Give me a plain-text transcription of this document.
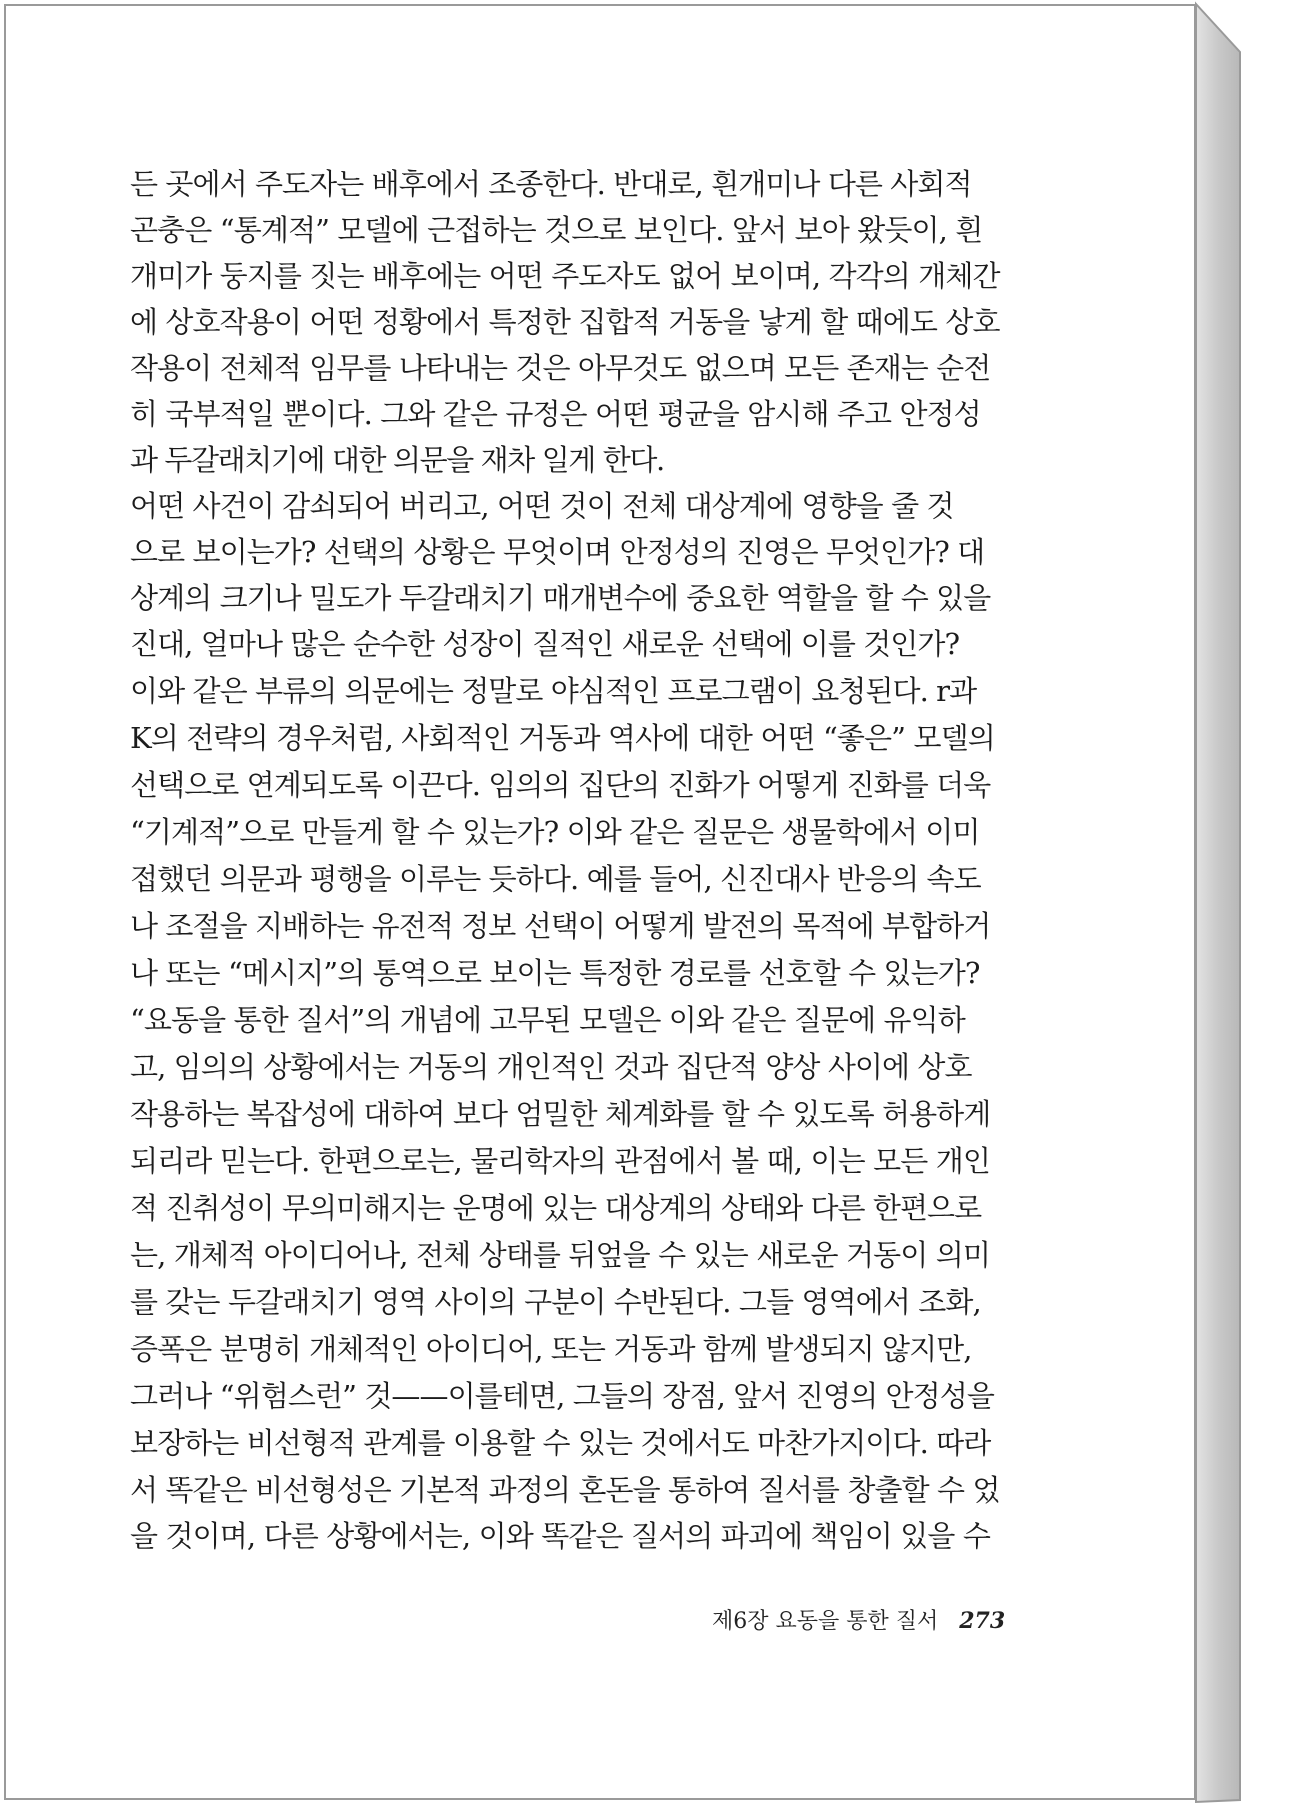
든 곳에서 주도자는 배후에서 조종한다. 반대로, 흰개미나 다른 사회적
곤충은 “통계적” 모델에 근접하는 것으로 보인다. 앞서 보아 왔듯이, 흰
개미가 둥지를 짓는 배후에는 어떤 주도자도 없어 보이며, 각각의 개체간
에 상호작용이 어떤 정황에서 특정한 집합적 거동을 낳게 할 때에도 상호
작용이 전체적 임무를 나타내는 것은 아무것도 없으며 모든 존재는 순전
히 국부적일 뿐이다. 그와 같은 규정은 어떤 평균을 암시해 주고 안정성
과 두갈래치기에 대한 의문을 재차 일게 한다.
어떤 사건이 감쇠되어 버리고, 어떤 것이 전체 대상계에 영향을 줄 것
으로 보이는가? 선택의 상황은 무엇이며 안정성의 진영은 무엇인가? 대
상계의 크기나 밀도가 두갈래치기 매개변수에 중요한 역할을 할 수 있을
진대, 얼마나 많은 순수한 성장이 질적인 새로운 선택에 이를 것인가?
이와 같은 부류의 의문에는 정말로 야심적인 프로그램이 요청된다. r과
K의 전략의 경우처럼, 사회적인 거동과 역사에 대한 어떤 “좋은” 모델의
선택으로 연계되도록 이끈다. 임의의 집단의 진화가 어떻게 진화를 더욱
“기계적”으로 만들게 할 수 있는가? 이와 같은 질문은 생물학에서 이미
접했던 의문과 평행을 이루는 듯하다. 예를 들어, 신진대사 반응의 속도
나 조절을 지배하는 유전적 정보 선택이 어떻게 발전의 목적에 부합하거
나 또는 “메시지”의 통역으로 보이는 특정한 경로를 선호할 수 있는가?
“요동을 통한 질서”의 개념에 고무된 모델은 이와 같은 질문에 유익하
고, 임의의 상황에서는 거동의 개인적인 것과 집단적 양상 사이에 상호
작용하는 복잡성에 대하여 보다 엄밀한 체계화를 할 수 있도록 허용하게
되리라 믿는다. 한편으로는, 물리학자의 관점에서 볼 때, 이는 모든 개인
적 진취성이 무의미해지는 운명에 있는 대상계의 상태와 다른 한편으로
는, 개체적 아이디어나, 전체 상태를 뒤엎을 수 있는 새로운 거동이 의미
를 갖는 두갈래치기 영역 사이의 구분이 수반된다. 그들 영역에서 조화,
증폭은 분명히 개체적인 아이디어, 또는 거동과 함께 발생되지 않지만,
그러나 “위험스런” 것——이를테면, 그들의 장점, 앞서 진영의 안정성을
보장하는 비선형적 관계를 이용할 수 있는 것에서도 마찬가지이다. 따라
서 똑같은 비선형성은 기본적 과정의 혼돈을 통하여 질서를 창출할 수 었
을 것이며, 다른 상황에서는, 이와 똑같은 질서의 파괴에 책임이 있을 수
제6장 요동을 통한 질서 273
